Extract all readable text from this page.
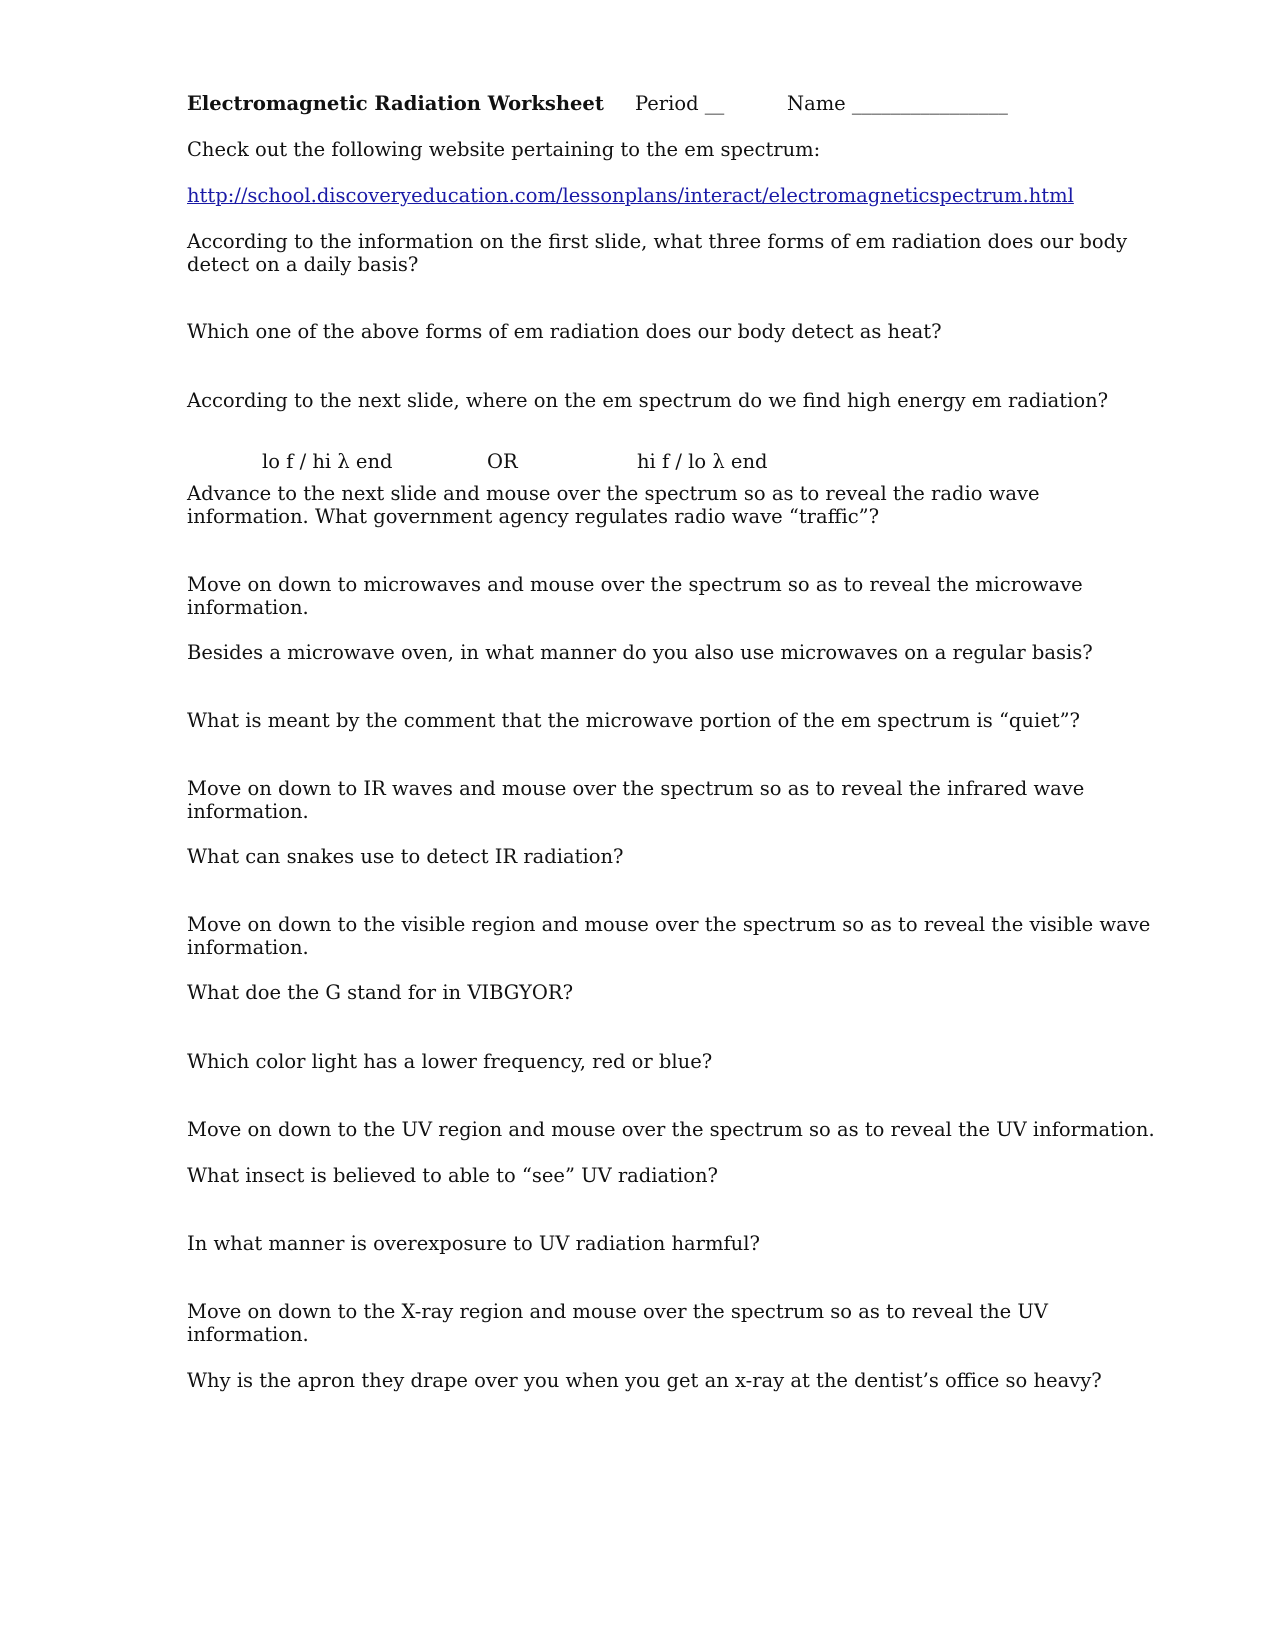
Electromagnetic Radiation Worksheet Period __	Name ________________

Check out the following website pertaining to the em spectrum:

http://school.discoveryeducation.com/lessonplans/interact/electromagneticspectrum.html

According to the information on the first slide, what three forms of em radiation does our body

detect on a daily basis?

Which one of the above forms of em radiation does our body detect as heat?

According to the next slide, where on the em spectrum do we find high energy em radiation?

lo f / hi λ end	OR	hi f / lo λ end

Advance to the next slide and mouse over the spectrum so as to reveal the radio wave

information. What government agency regulates radio wave “traffic”?

Move on down to microwaves and mouse over the spectrum so as to reveal the microwave

information.

Besides a microwave oven, in what manner do you also use microwaves on a regular basis?

What is meant by the comment that the microwave portion of the em spectrum is “quiet”?

Move on down to IR waves and mouse over the spectrum so as to reveal the infrared wave

information.

What can snakes use to detect IR radiation?

Move on down to the visible region and mouse over the spectrum so as to reveal the visible wave

information.

What doe the G stand for in VIBGYOR?

Which color light has a lower frequency, red or blue?

Move on down to the UV region and mouse over the spectrum so as to reveal the UV information.

What insect is believed to able to “see” UV radiation?

In what manner is overexposure to UV radiation harmful?

Move on down to the X-ray region and mouse over the spectrum so as to reveal the UV

information.

Why is the apron they drape over you when you get an x-ray at the dentist’s office so heavy?
